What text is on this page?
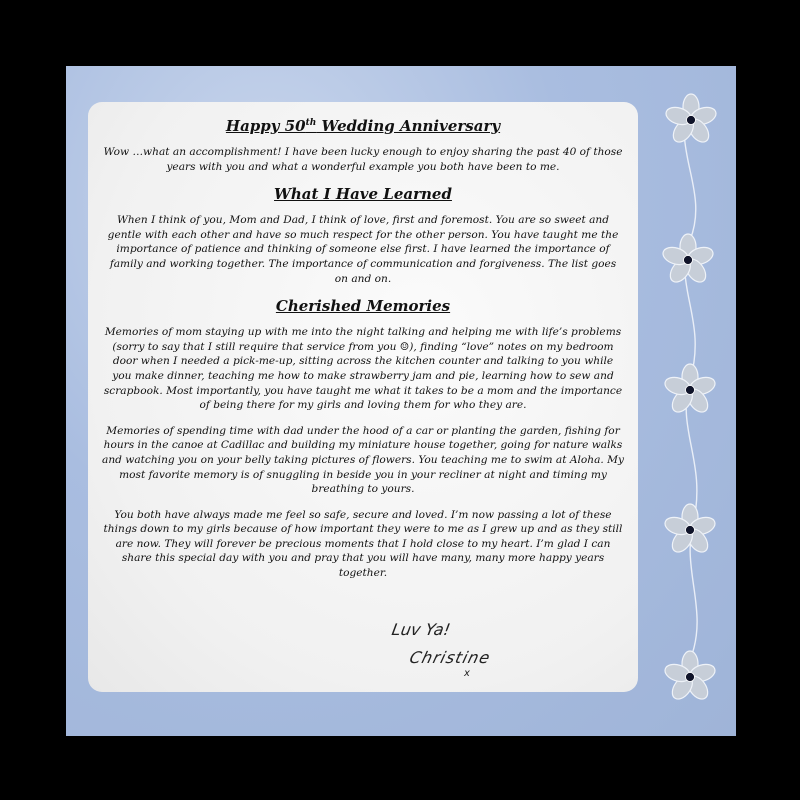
Happy 50th Wedding Anniversary
Wow …what an accomplishment! I have been lucky enough to enjoy sharing the past 40 of those years with you and what a wonderful example you both have been to me.
What I Have Learned
When I think of you, Mom and Dad, I think of love, first and foremost. You are so sweet and gentle with each other and have so much respect for the other person. You have taught me the importance of patience and thinking of someone else first. I have learned the importance of family and working together. The importance of communication and forgiveness. The list goes on and on.
Cherished Memories
Memories of mom staying up with me into the night talking and helping me with life’s problems (sorry to say that I still require that service from you ☺), finding “love” notes on my bedroom door when I needed a pick-me-up, sitting across the kitchen counter and talking to you while you make dinner, teaching me how to make strawberry jam and pie, learning how to sew and scrapbook. Most importantly, you have taught me what it takes to be a mom and the importance of being there for my girls and loving them for who they are.
Memories of spending time with dad under the hood of a car or planting the garden, fishing for hours in the canoe at Cadillac and building my miniature house together, going for nature walks and watching you on your belly taking pictures of flowers. You teaching me to swim at Aloha. My most favorite memory is of snuggling in beside you in your recliner at night and timing my breathing to yours.
You both have always made me feel so safe, secure and loved. I’m now passing a lot of these things down to my girls because of how important they were to me as I grew up and as they still are now. They will forever be precious moments that I hold close to my heart. I’m glad I can share this special day with you and pray that you will have many, many more happy years together.
Luv Ya!
Christine
x
